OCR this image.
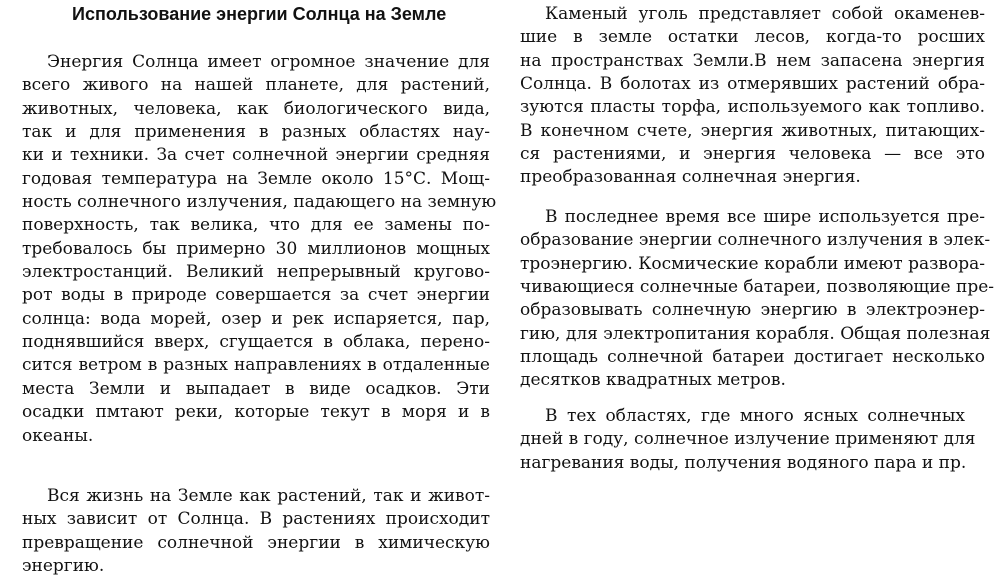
Использование энергии Солнца на Земле

Энергия Солнца имеет огромное значение для
всего живого на нашей планете, для растений,
животных, человека, как биологического вида,
так и для применения в разных областях нау-
ки и техники. За счет солнечной энергии средняя
годовая температура на Земле около 15°С. Мощ-
ность солнечного излучения, падающего на земную
поверхность, так велика, что для ее замены по-
требовалось бы примерно 30 миллионов мощных
электростанций. Великий непрерывный кругово-
рот воды в природе совершается за счет энергии
солнца: вода морей, озер и рек испаряется, пар,
поднявшийся вверх, сгущается в облака, перено-
сится ветром в разных направлениях в отдаленные
места Земли и выпадает в виде осадков. Эти
осадки пмтают реки, которые текут в моря и в
океаны.

Вся жизнь на Земле как растений, так и живот-
ных зависит от Солнца. В растениях происходит
превращение солнечной энергии в химическую
энергию.

Каменый уголь представляет собой окаменев-
шие в земле остатки лесов, когда-то росших
на пространствах Земли.В нем запасена энергия
Солнца. В болотах из отмерявших растений обра-
зуются пласты торфа, используемого как топливо.
В конечном счете, энергия животных, питающих-
ся растениями, и энергия человека — все это
преобразованная солнечная энергия.

В последнее время все шире используется пре-
образование энергии солнечного излучения в элек-
троэнергию. Космические корабли имеют развора-
чивающиеся солнечные батареи, позволяющие пре-
образовывать солнечную энергию в электроэнер-
гию, для электропитания корабля. Общая полезная
площадь солнечной батареи достигает несколько
десятков квадратных метров.

В тех областях, где много ясных солнечных
дней в году, солнечное излучение применяют для
нагревания воды, получения водяного пара и пр.
